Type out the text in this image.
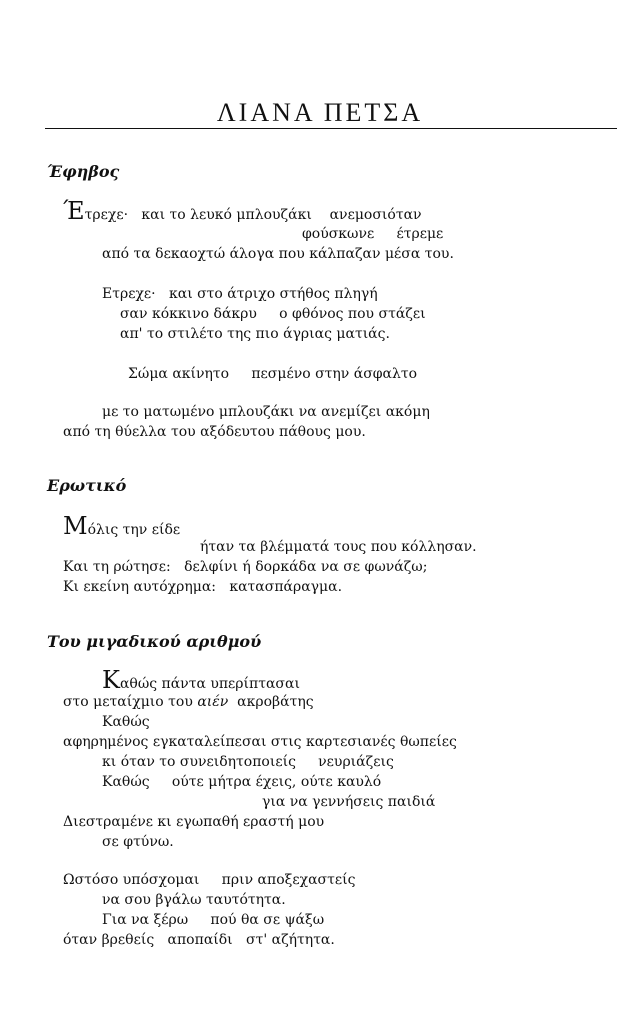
ΛΙΑΝΑ ΠΕΤΣΑ
Έφηβος
Έτρεχε·   και το λευκό μπλουζάκι    ανεμοσιόταν
φούσκωνε     έτρεμε
από τα δεκαοχτώ άλογα που κάλπαζαν μέσα του.
Ετρεχε·   και στο άτριχο στήθος πληγή
σαν κόκκινο δάκρυ     ο φθόνος που στάζει
απ' το στιλέτο της πιο άγριας ματιάς.
Σώμα ακίνητο     πεσμένο στην άσφαλτο
με το ματωμένο μπλουζάκι να ανεμίζει ακόμη
από τη θύελλα του αξόδευτου πάθους μου.
Ερωτικό
Μόλις την είδε
ήταν τα βλέμματά τους που κόλλησαν.
Και τη ρώτησε:   δελφίνι ή δορκάδα να σε φωνάζω;
Κι εκείνη αυτόχρημα:   κατασπάραγμα.
Του μιγαδικού αριθμού
Καθώς πάντα υπερίπτασαι
στο μεταίχμιο του αιέν  ακροβάτης
Καθώς
αφηρημένος εγκαταλείπεσαι στις καρτεσιανές θωπείες
κι όταν το συνειδητοποιείς     νευριάζεις
Καθώς     ούτε μήτρα έχεις, ούτε καυλό
για να γεννήσεις παιδιά
Διεστραμένε κι εγωπαθή εραστή μου
σε φτύνω.
Ωστόσο υπόσχομαι     πριν αποξεχαστείς
να σου βγάλω ταυτότητα.
Για να ξέρω     πού θα σε ψάξω
όταν βρεθείς   αποπαίδι   στ' αζήτητα.
